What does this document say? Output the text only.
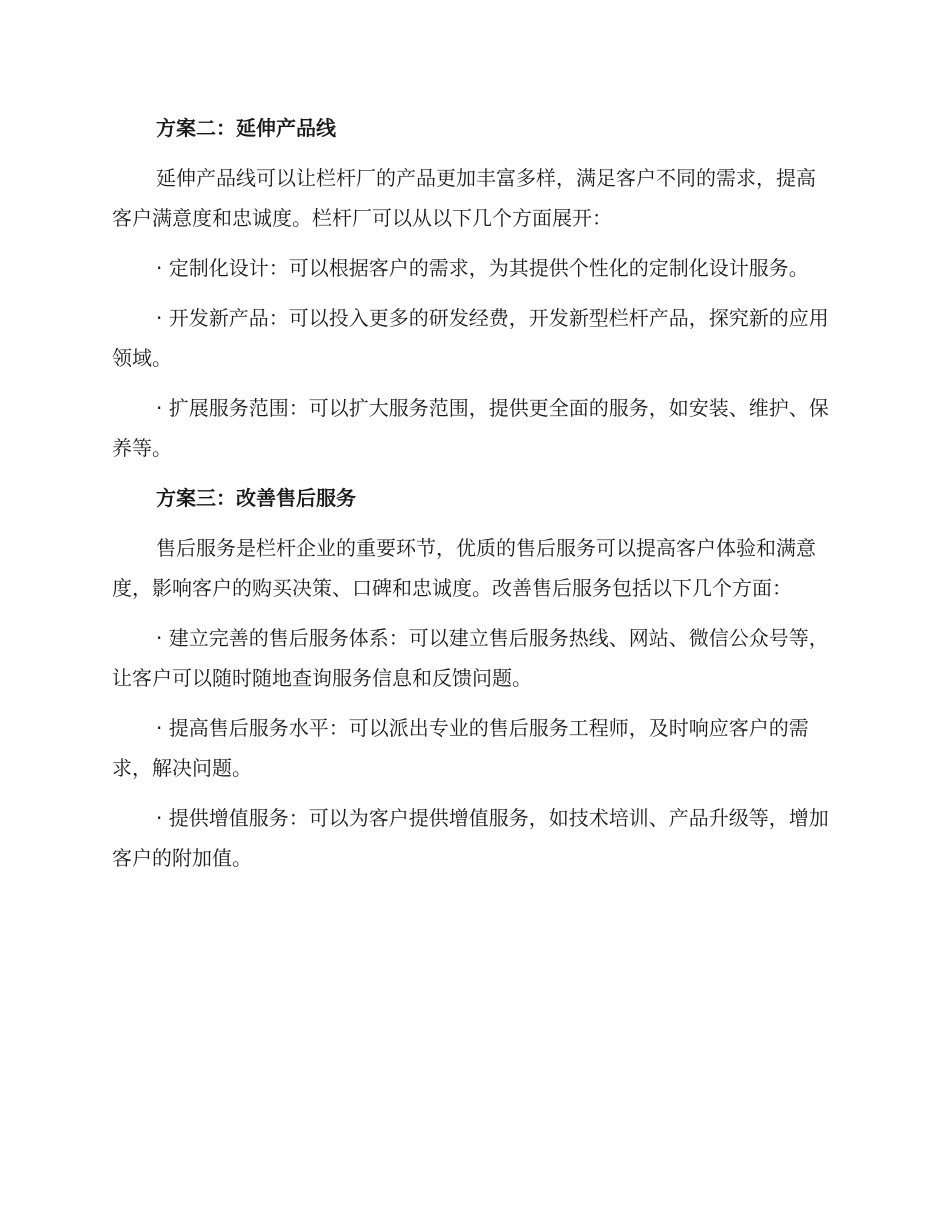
方案二：延伸产品线

延伸产品线可以让栏杆厂的产品更加丰富多样，满足客户不同的需求，提高客户满意度和忠诚度。栏杆厂可以从以下几个方面展开：

· 定制化设计：可以根据客户的需求，为其提供个性化的定制化设计服务。

· 开发新产品：可以投入更多的研发经费，开发新型栏杆产品，探究新的应用领域。

· 扩展服务范围：可以扩大服务范围，提供更全面的服务，如安装、维护、保养等。

方案三：改善售后服务

售后服务是栏杆企业的重要环节，优质的售后服务可以提高客户体验和满意度，影响客户的购买决策、口碑和忠诚度。改善售后服务包括以下几个方面：

· 建立完善的售后服务体系：可以建立售后服务热线、网站、微信公众号等，让客户可以随时随地查询服务信息和反馈问题。

· 提高售后服务水平：可以派出专业的售后服务工程师，及时响应客户的需求，解决问题。

· 提供增值服务：可以为客户提供增值服务，如技术培训、产品升级等，增加客户的附加值。
